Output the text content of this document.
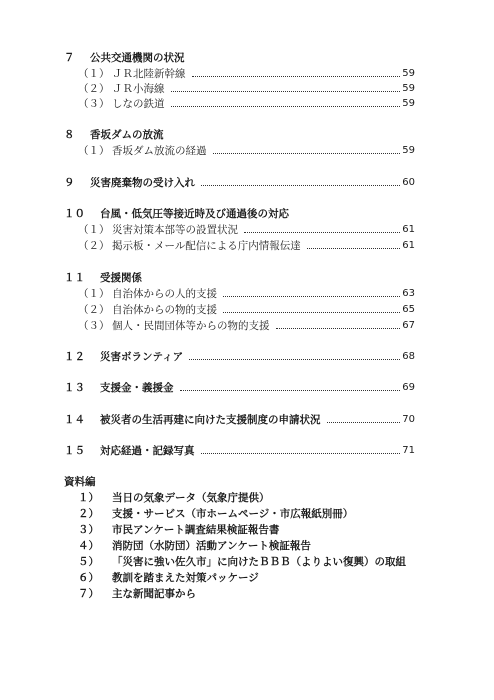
７	公共交通機関の状況
（１） ＪＲ北陸新幹線	59
（２） ＪＲ小海線	59
（３） しなの鉄道	59
８	香坂ダムの放流
（１） 香坂ダム放流の経過	59
９	災害廃棄物の受け入れ	60
１０	台風・低気圧等接近時及び通過後の対応
（１） 災害対策本部等の設置状況	61
（２） 掲示板・メール配信による庁内情報伝達	61
１１	受援関係
（１） 自治体からの人的支援	63
（２） 自治体からの物的支援	65
（３） 個人・民間団体等からの物的支援	67
１２	災害ボランティア	68
１３	支援金・義援金	69
１４	被災者の生活再建に向けた支援制度の申請状況	70
１５	対応経過・記録写真	71
資料編
１）	当日の気象データ（気象庁提供）
２）	支援・サービス（市ホームページ・市広報紙別冊）
３）	市民アンケート調査結果検証報告書
４）	消防団（水防団）活動アンケート検証報告
５）	「災害に強い佐久市」に向けたＢＢＢ（よりよい復興）の取組
６）	教訓を踏まえた対策パッケージ
７）	主な新聞記事から
